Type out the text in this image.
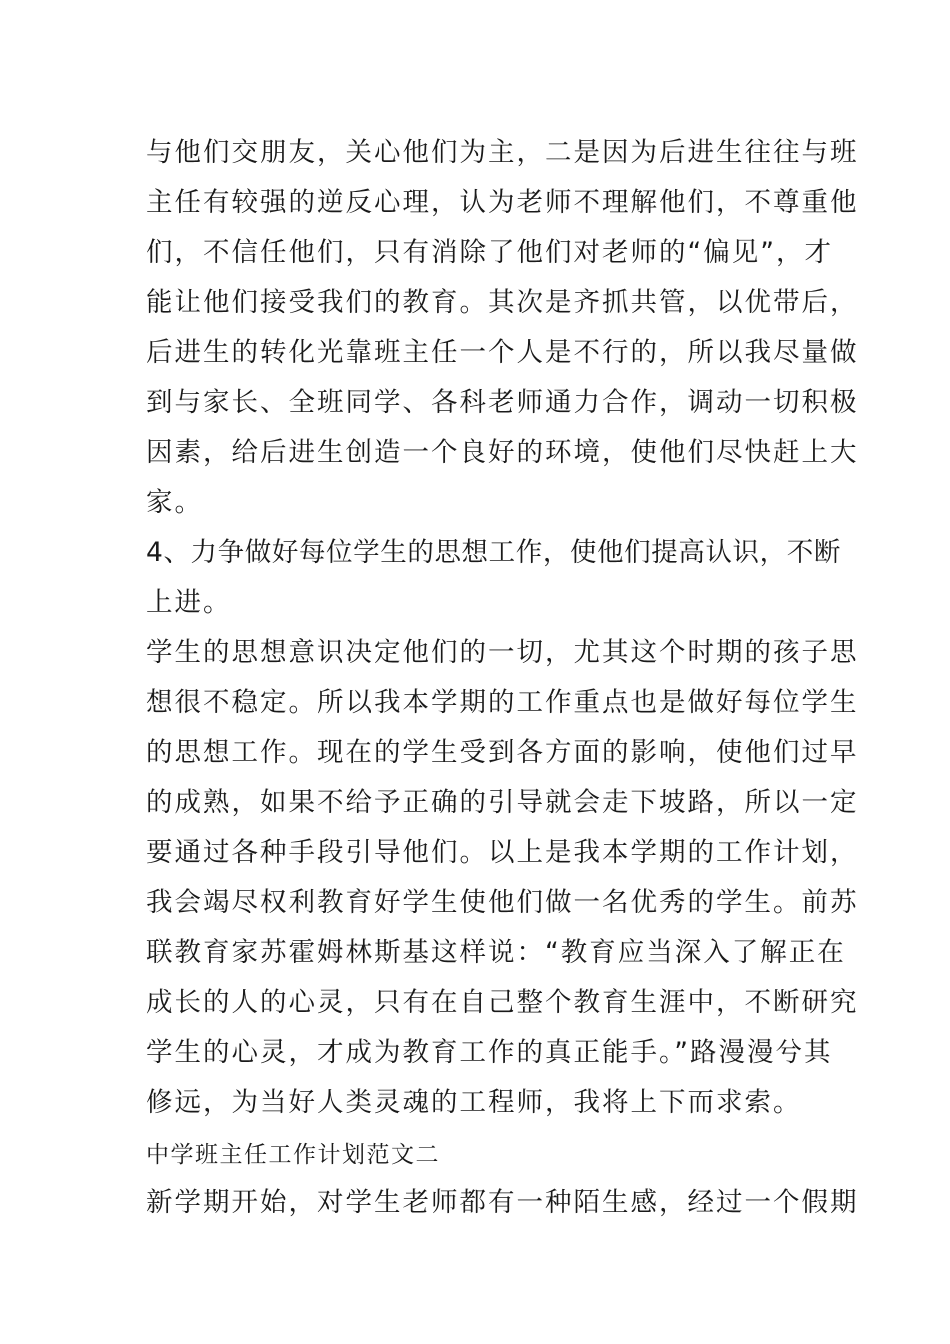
与他们交朋友，关心他们为主，二是因为后进生往往与班
主任有较强的逆反心理，认为老师不理解他们，不尊重他
们，不信任他们，只有消除了他们对老师的“偏见”，才
能让他们接受我们的教育。其次是齐抓共管，以优带后，
后进生的转化光靠班主任一个人是不行的，所以我尽量做
到与家长、全班同学、各科老师通力合作，调动一切积极
因素，给后进生创造一个良好的环境，使他们尽快赶上大
家。
4、力争做好每位学生的思想工作，使他们提高认识，不断
上进。
学生的思想意识决定他们的一切，尤其这个时期的孩子思
想很不稳定。所以我本学期的工作重点也是做好每位学生
的思想工作。现在的学生受到各方面的影响，使他们过早
的成熟，如果不给予正确的引导就会走下坡路，所以一定
要通过各种手段引导他们。以上是我本学期的工作计划，
我会竭尽权利教育好学生使他们做一名优秀的学生。前苏
联教育家苏霍姆林斯基这样说：“教育应当深入了解正在
成长的人的心灵，只有在自己整个教育生涯中，不断研究
学生的心灵，才成为教育工作的真正能手。”路漫漫兮其
修远，为当好人类灵魂的工程师，我将上下而求索。
中学班主任工作计划范文二
新学期开始，对学生老师都有一种陌生感，经过一个假期
